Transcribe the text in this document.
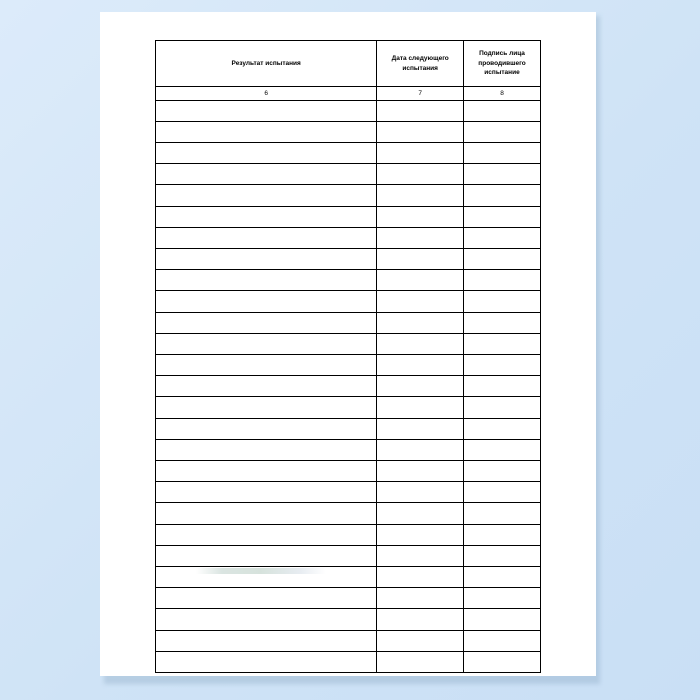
Результат испытания	Дата следующего испытания	Подпись лица проводившего испытание
6	7	8
